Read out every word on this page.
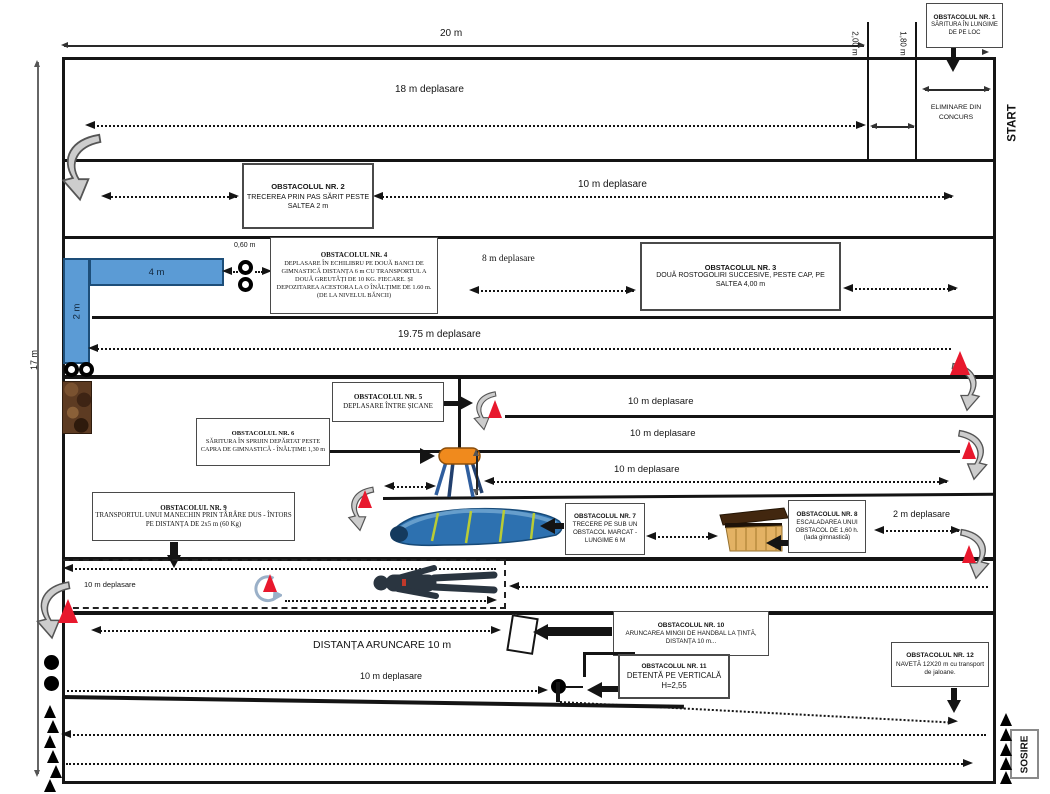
17 m
20 m	2,00 m	1,80 m
OBSTACOLUL NR. 1
SĂRITURA ÎN LUNGIME DE PE LOC
START
SOSIRE
18 m deplasare
ELIMINARE DIN CONCURS
10 m deplasare
OBSTACOLUL NR. 2
TRECEREA PRIN PAS SĂRIT PESTE SALTEA 2 m
2 m
4 m
0,60 m
OBSTACOLUL NR. 4
DEPLASARE ÎN ECHILIBRU PE DOUĂ BANCI DE GIMNASTICĂ DISTANȚA 6 m CU TRANSPORTUL A DOUĂ GREUTĂȚI DE 10 KG. FIECARE. ȘI DEPOZITAREA ACESTORA LA O ÎNĂLȚIME DE 1.60 m. (DE LA NIVELUL BĂNCII)
8 m deplasare
OBSTACOLUL NR. 3
DOUĂ ROSTOGOLIRI SUCCESIVE, PESTE CAP, PE SALTEA 4,00 m
19.75 m deplasare
OBSTACOLUL NR. 5
DEPLASARE ÎNTRE ȘICANE	10 m deplasare
10 m deplasare
OBSTACOLUL NR. 6
SĂRITURA ÎN SPRIJIN DEPĂRTAT PESTE CAPRA DE GIMNASTICĂ - ÎNĂLȚIME 1,30 m
10 m deplasare
OBSTACOLUL NR. 9
TRANSPORTUL UNUI MANECHIN PRIN TÂRÂRE DUS - ÎNTORS PE DISTANȚA DE 2x5 m (60 Kg)
OBSTACOLUL NR. 7
TRECERE PE SUB UN OBSTACOL MARCAT - LUNGIME 6 M
OBSTACOLUL NR. 8
ESCALADAREA UNUI OBSTACOL DE 1,60 h. (lada gimnastică)
2 m deplasare
10 m deplasare
DISTANȚA ARUNCARE 10 m
OBSTACOLUL NR. 10
ARUNCAREA MINGII DE HANDBAL LA ȚINTĂ, DISTANȚA 10 m...
OBSTACOLUL NR. 11
DETENTĂ PE VERTICALĂ
H=2,55
10 m deplasare
OBSTACOLUL NR. 12
NAVETĂ 12X20 m cu transport de jaloane.
